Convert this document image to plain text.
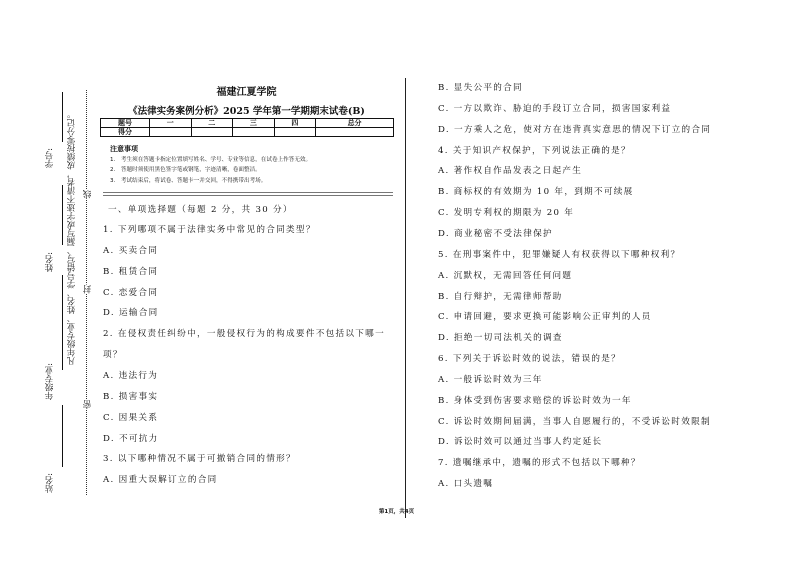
学号:
姓名:
年级专业:
站名:
凡年级专业、姓名、学号错写、漏写或字迹不清者，成绩按零分记。 线
封
密
福建江夏学院
《法律实务案例分析》2025 学年第一学期期末试卷(B)
题号	一	二	三	四	总分
得分					
注意事项
1.　考生须在答题卡指定位置填写姓名、学号、专业等信息，在试卷上作答无效。
2.　答题时须使用黑色签字笔或钢笔，字迹清晰，卷面整洁。
3.　考试结束后，将试卷、答题卡一并交回，不得携带出考场。
一、单项选择题（每题 2 分，共 30 分）
1. 下列哪项不属于法律实务中常见的合同类型？
A. 买卖合同
B. 租赁合同
C. 恋爱合同
D. 运输合同
2. 在侵权责任纠纷中，一般侵权行为的构成要件不包括以下哪一
项？
A. 违法行为
B. 损害事实
C. 因果关系
D. 不可抗力
3. 以下哪种情况不属于可撤销合同的情形？
A. 因重大误解订立的合同
B. 显失公平的合同
C. 一方以欺诈、胁迫的手段订立合同，损害国家利益
D. 一方乘人之危，使对方在违背真实意思的情况下订立的合同
4. 关于知识产权保护，下列说法正确的是？
A. 著作权自作品发表之日起产生
B. 商标权的有效期为 10 年，到期不可续展
C. 发明专利权的期限为 20 年
D. 商业秘密不受法律保护
5. 在刑事案件中，犯罪嫌疑人有权获得以下哪种权利？
A. 沉默权，无需回答任何问题
B. 自行辩护，无需律师帮助
C. 申请回避，要求更换可能影响公正审判的人员
D. 拒绝一切司法机关的调查
6. 下列关于诉讼时效的说法，错误的是？
A. 一般诉讼时效为三年
B. 身体受到伤害要求赔偿的诉讼时效为一年
C. 诉讼时效期间届满，当事人自愿履行的，不受诉讼时效限制
D. 诉讼时效可以通过当事人约定延长
7. 遗嘱继承中，遗嘱的形式不包括以下哪种？
A. 口头遗嘱
第1页，共4页
